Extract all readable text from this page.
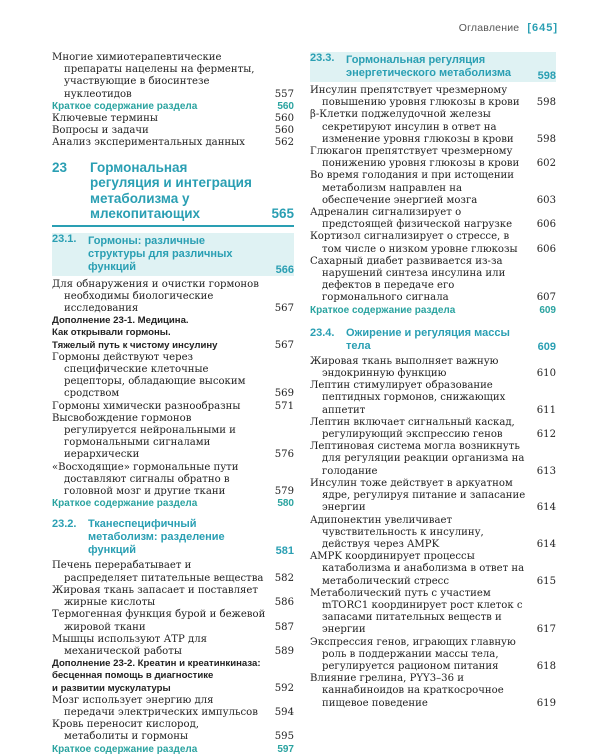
Оглавление [645]
Многие химиотерапевтические препараты нацелены на ферменты, участвующие в биосинтезе нуклеотидов	557
Краткое содержание раздела	560
Ключевые термины	560
Вопросы и задачи	560
Анализ экспериментальных данных	562
23 Гормональная регуляция и интеграция метаболизма у млекопитающих	565
23.1. Гормоны: различные структуры для различных функций	566
Для обнаружения и очистки гормонов необходимы биологические исследования	567
Дополнение 23-1. Медицина.
Как открывали гормоны.
Тяжелый путь к чистому инсулину	567
Гормоны действуют через специфические клеточные рецепторы, обладающие высоким сродством	569
Гормоны химически разнообразны	571
Высвобождение гормонов регулируется нейрональными и гормональными сигналами иерархически	576
«Восходящие» гормональные пути доставляют сигналы обратно в головной мозг и другие ткани	579
Краткое содержание раздела	580
23.2. Тканеспецифичный метаболизм: разделение функций	581
Печень перерабатывает и распределяет питательные вещества 582
Жировая ткань запасает и поставляет жирные кислоты	586
Термогенная функция бурой и бежевой жировой ткани	587
Мышцы используют АТР для механической работы	589
Дополнение 23-2. Креатин и креатинкиназа:
бесценная помощь в диагностике
и развитии мускулатуры	592
Мозг использует энергию для передачи электрических импульсов	594
Кровь переносит кислород, метаболиты и гормоны	595
Краткое содержание раздела	597
23.3. Гормональная регуляция энергетического метаболизма	598
Инсулин препятствует чрезмерному повышению уровня глюкозы в крови	598
β-Клетки поджелудочной железы секретируют инсулин в ответ на изменение уровня глюкозы в крови	598
Глюкагон препятствует чрезмерному понижению уровня глюкозы в крови	602
Во время голодания и при истощении метаболизм направлен на обеспечение энергией мозга	603
Адреналин сигнализирует о предстоящей физической нагрузке	606
Кортизол сигнализирует о стрессе, в том числе о низком уровне глюкозы	606
Сахарный диабет развивается из-за нарушений синтеза инсулина или дефектов в передаче его гормонального сигнала	607
Краткое содержание раздела	609
23.4. Ожирение и регуляция массы тела	609
Жировая ткань выполняет важную эндокринную функцию	610
Лептин стимулирует образование пептидных гормонов, снижающих аппетит	611
Лептин включает сигнальный каскад, регулирующий экспрессию генов	612
Лептиновая система могла возникнуть для регуляции реакции организма на голодание	613
Инсулин тоже действует в аркуатном ядре, регулируя питание и запасание энергии	614
Адипонектин увеличивает чувствительность к инсулину, действуя через AMPK	614
AMPK координирует процессы катаболизма и анаболизма в ответ на метаболический стресс	615
Метаболический путь с участием mTORC1 координирует рост клеток с запасами питательных веществ и энергии	617
Экспрессия генов, играющих главную роль в поддержании массы тела, регулируется рационом питания	618
Влияние грелина, PYY3–36 и каннабиноидов на краткосрочное пищевое поведение	619
